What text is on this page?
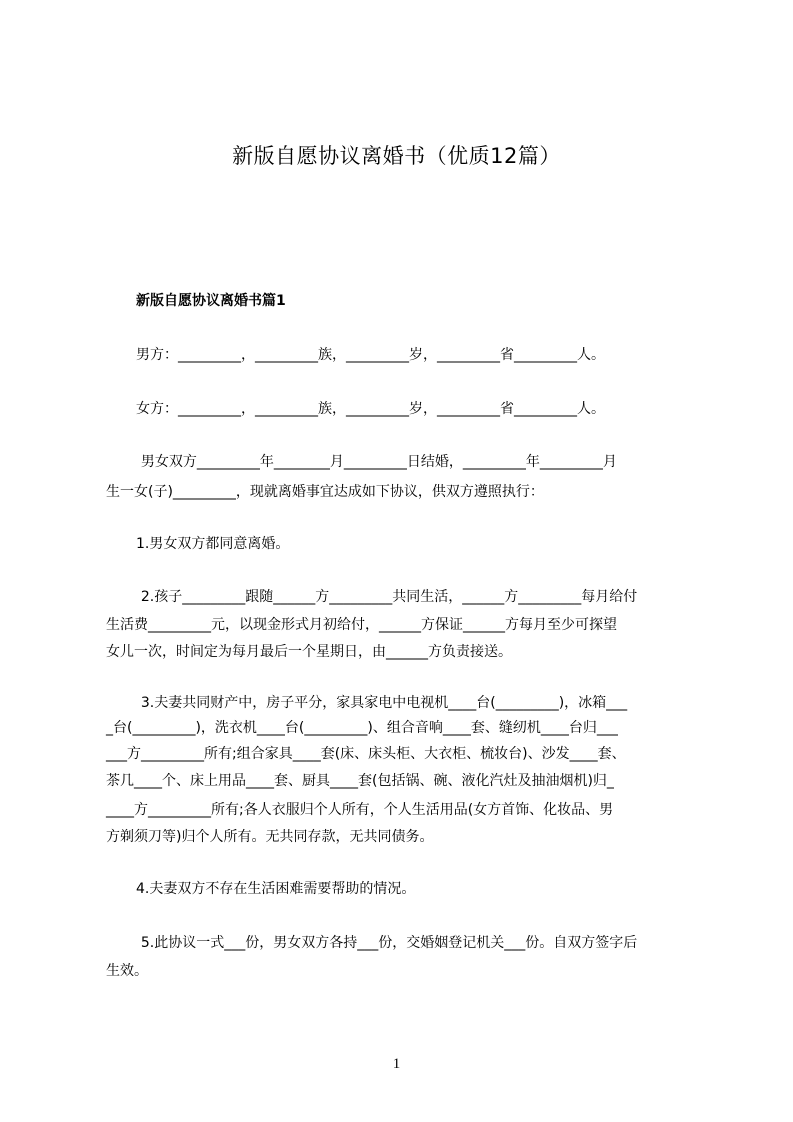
新版自愿协议离婚书（优质12篇）
新版自愿协议离婚书篇1
男方：_________，_________族，_________岁，_________省_________人。
女方：_________，_________族，_________岁，_________省_________人。
男女双方_________年________月_________日结婚，_________年_________月
生一女(子)_________，现就离婚事宜达成如下协议，供双方遵照执行：
1.男女双方都同意离婚。
2.孩子_________跟随______方_________共同生活，______方_________每月给付
生活费_________元，以现金形式月初给付，______方保证______方每月至少可探望
女儿一次，时间定为每月最后一个星期日，由______方负责接送。
3.夫妻共同财产中，房子平分，家具家电中电视机____台(_________)，冰箱___
_台(_________)，洗衣机____台(_________)、组合音响____套、缝纫机____台归___
___方_________所有;组合家具____套(床、床头柜、大衣柜、梳妆台)、沙发____套、
茶几____个、床上用品____套、厨具____套(包括锅、碗、液化汽灶及抽油烟机)归_
____方_________所有;各人衣服归个人所有，个人生活用品(女方首饰、化妆品、男
方剃须刀等)归个人所有。无共同存款，无共同债务。
4.夫妻双方不存在生活困难需要帮助的情况。
5.此协议一式___份，男女双方各持___份，交婚姻登记机关___份。自双方签字后
生效。
1
